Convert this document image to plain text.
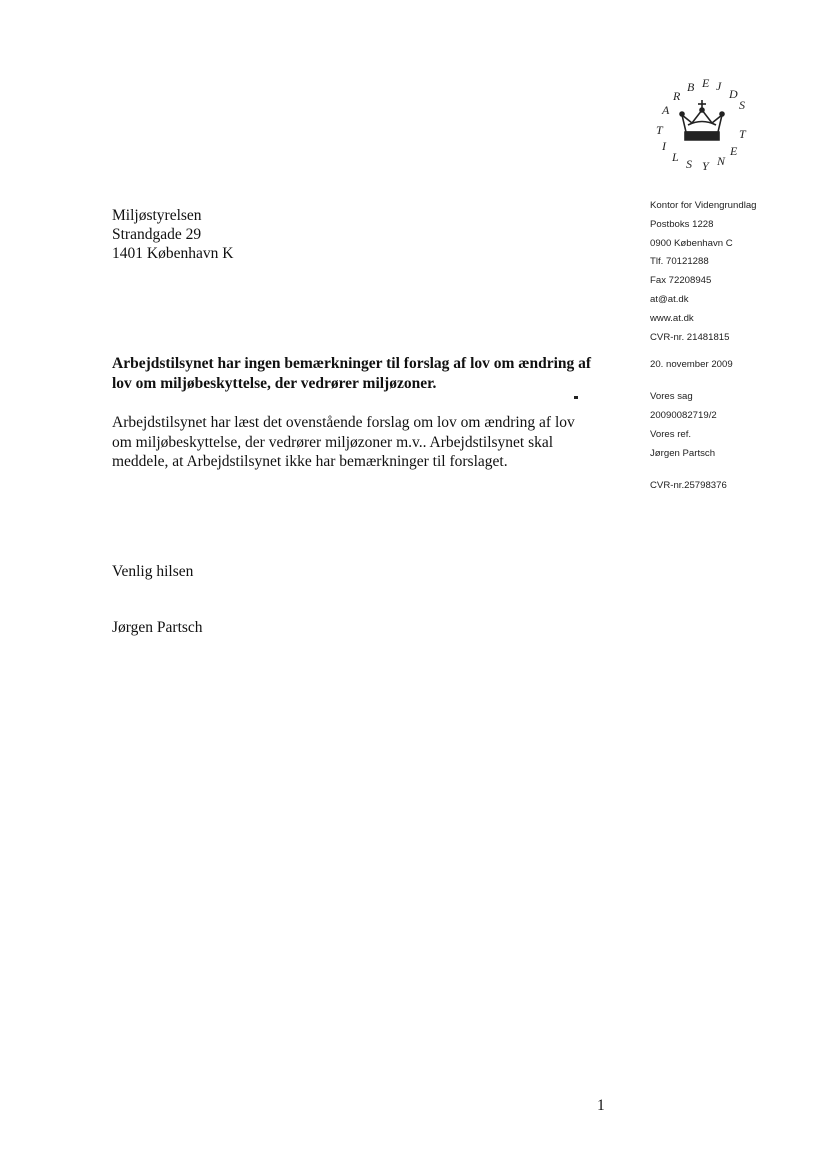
A
R
B E J
D
S
T
I
L S Y N
E
T
Miljøstyrelsen
Strandgade 29
1401 København K
Kontor for Videngrundlag
Postboks 1228
0900 København C
Tlf. 70121288
Fax 72208945
at@at.dk
www.at.dk
CVR-nr. 21481815
20. november 2009
Vores sag
20090082719/2
Vores ref.
Jørgen Partsch
CVR-nr.25798376
Arbejdstilsynet har ingen bemærkninger til forslag af lov om ændring af
lov om miljøbeskyttelse, der vedrører miljøzoner.
Arbejdstilsynet har læst det ovenstående forslag om lov om ændring af lov
om miljøbeskyttelse, der vedrører miljøzoner m.v.. Arbejdstilsynet skal
meddele, at Arbejdstilsynet ikke har bemærkninger til forslaget.
Venlig hilsen
Jørgen Partsch
1
